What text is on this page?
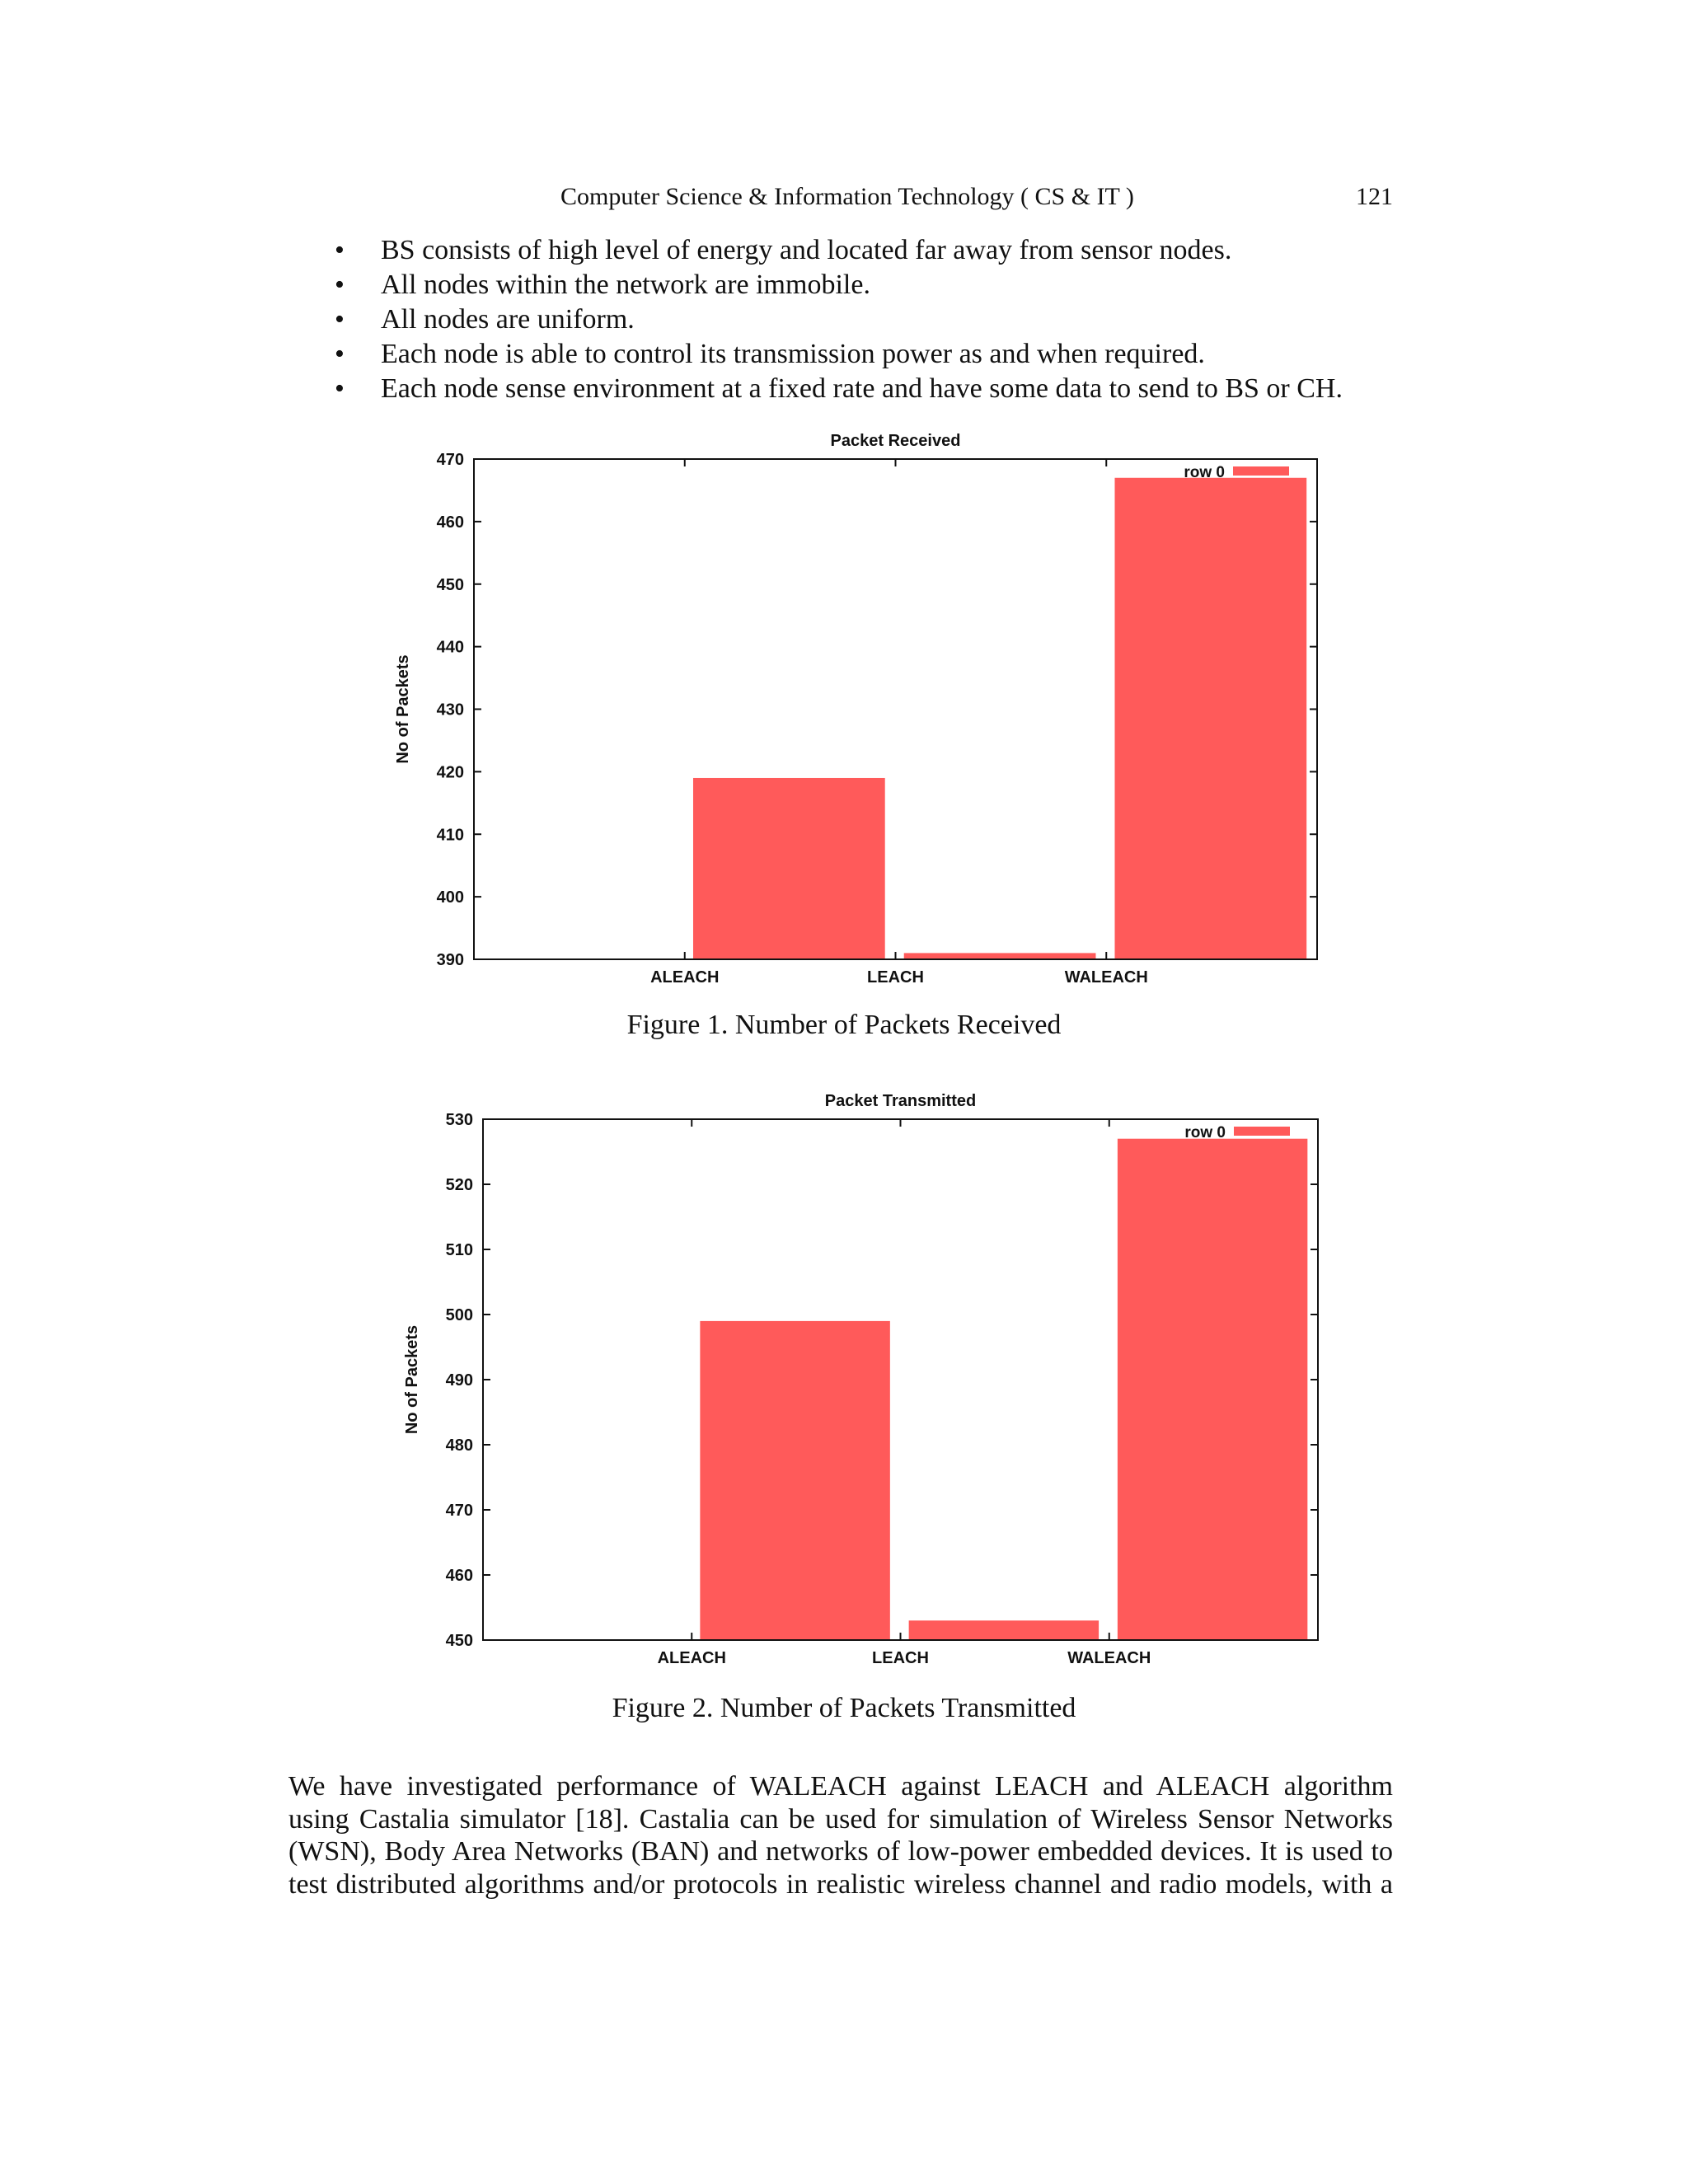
Computer Science & Information Technology ( CS & IT )	121
• BS consists of high level of energy and located far away from sensor nodes.
• All nodes within the network are immobile.
• All nodes are uniform.
• Each node is able to control its transmission power as and when required.
• Each node sense environment at a fixed rate and have some data to send to BS or CH.
Packet Received
No of Packets
390
400
410
420
430
440
450
460
470
row 0
ALEACH	LEACH	WALEACH
Figure 1. Number of Packets Received
Packet Transmitted
No of Packets
450
460
470
480
490
500
510
520
530
row 0
ALEACH	LEACH	WALEACH
Figure 2. Number of Packets Transmitted
We have investigated performance of WALEACH against LEACH and ALEACH algorithm
using Castalia simulator [18]. Castalia can be used for simulation of Wireless Sensor Networks
(WSN), Body Area Networks (BAN) and networks of low-power embedded devices. It is used to
test distributed algorithms and/or protocols in realistic wireless channel and radio models, with a
